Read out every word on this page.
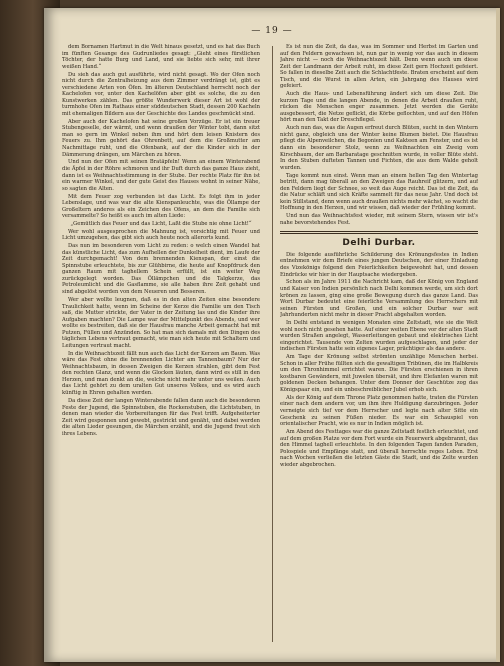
— 19 —

dem Bornamen Hartmut in die Welt hinaus gesetzt, und es hat das Buch im fünften Gesange des Gudrunliedes gesagt: „Gieht eines fürstlichen Töchter, der hatte Burg und Land, und sie liebte sich sehr, mit ihrer weißen Hand.“

Du sieh das auch gut ausführte, wird nicht gesagt. Wo der Ofen noch nicht durch die Zentralheizung aus dem Zimmer verdrängt ist, gibt es verschiedene Arten von Öfen. Im älteren Deutschland herrscht noch der Kachelofen vor, unter den Kachelöfen aber gibt es solche, die zu den Kunstwerken zählen. Das größte Wunderwerk dieser Art ist wohl der turmhohe Ofen im Rathaus einer süddeutschen Stadt, dessen 200 Kacheln mit ehemaligen Bildern aus der Geschichte des Landes geschmückt sind.

Aber auch der Kachelofen hat seine großen Vorzüge. Er ist ein treuer Stubengeselle, der wärmt, und wenn draußen der Winter tobt, dann sitzt man so gern im Winkel neben ihm und hört dem leisen Knistern des Feuers zu. Ihm gehört das Ohrenbett, auf dem die Großmutter am Nachmittage ruht, und die Ofenbank, auf der die Kinder sich in der Dämmerung drängen, um Märchen zu hören.

Und nun der Ofen mit seinen Bratäpfeln! Wenn an einem Winterabend die Äpfel in der Röhre schmoren und ihr Duft durch das ganze Haus zieht, dann ist es Weihnachtsstimmung in der Stube. Der rechte Platz für ihn ist ein warmer Winkel, und der gute Geist des Hauses wohnt in seiner Nähe, so sagten die Alten.

Mit dem Feuer zog verbunden ist das Licht. Es folgt ihm in jeder Lebenslage, und was war die alte Kienspanleuchte, was die Öllampe der Großeltern anderes als ein Zeichen des Ofens, an dem die Familie sich versammelte? So heißt es auch im alten Liede:

„Gemütlich das Feuer und das Licht, Laßt die Stube nie ohne Licht!“

Wer wohl ausgesprochen die Mahnung ist, vorsichtig mit Feuer und Licht umzugehen, das gibt sich auch heute noch allerorts kund.

Das nun im besonderen vom Licht zu reden: o welch einen Wandel hat das künstliche Licht, das zum Aufhellen der Dunkelheit dient, im Laufe der Zeit durchgemacht! Von dem brennenden Kienspan, der einst die Spinnstube erleuchtete, bis zur Glühbirne, die heute auf Knopfdruck den ganzen Raum mit taghellem Schein erfüllt, ist ein weiter Weg zurückgelegt worden. Das Öllämpchen und die Talgkerze, das Petroleumlicht und die Gasflamme, sie alle haben ihre Zeit gehabt und sind abgelöst worden von dem Neueren und Besseren.

Wer aber wollte leugnen, daß es in den alten Zeiten eine besondere Traulichkeit hatte, wenn im Scheine der Kerze die Familie um den Tisch saß, die Mutter strickte, der Vater in der Zeitung las und die Kinder ihre Aufgaben machten? Die Lampe war der Mittelpunkt des Abends, und wer wollte es bestreiten, daß sie der Hausfrau manche Arbeit gemacht hat mit Putzen, Füllen und Anzünden. So hat man sich damals mit den Dingen des täglichen Lebens vertraut gemacht, wie man sich heute mit Schaltern und Leitungen vertraut macht.

In die Weihnachtszeit fällt nun auch das Licht der Kerzen am Baum. Was wäre das Fest ohne die brennenden Lichter am Tannenbaum? Nur der Weihnachtsbaum, in dessen Zweigen die Kerzen strahlen, gibt dem Fest den rechten Glanz, und wenn die Glocken läuten, dann wird es still in den Herzen, und man denkt an die, welche nicht mehr unter uns weilen. Auch das Licht gehört zu dem uralten Gut unseres Volkes, und es wird auch künftig in Ehren gehalten werden.

Da diese Zeit der langen Winterabende fallen dann auch die besonderen Feste der Jugend, die Spinnstuben, die Rockenstuben, die Lichtstuben, in denen man wieder die Vorbereitungen für das Fest trifft. Aufgeheiterter Zeit wird gesponnen und gewebt, gestrickt und genäht, und dabei werden die alten Lieder gesungen, die Märchen erzählt, und die Jugend freut sich ihres Lebens.

Es ist nun die Zeit, da das, was im Sommer und Herbst im Garten und auf den Feldern gewachsen ist, nun gar in wenig vor das auch in diesem Jahre nicht — noch die Weihnachtszeit hält. Denn wenn auch um diese Zeit der Landmann der Arbeit ruht, im diese Zeit gern Hochzeit gefeiert. So fallen in dieselbe Zeit auch die Schlachtfeste. Braten erscheint auf dem Tisch, und die Wurst in allen Arten, ein Jahrgang des Hauses wird gefeiert.

Auch die Haus- und Lebensführung ändert sich um diese Zeit. Die kurzen Tage und die langen Abende, in denen die Arbeit draußen ruht, rücken die Menschen enger zusammen. Jetzt werden die Geräte ausgebessert, die Netze geflickt, die Körbe geflochten, und auf den Höfen hört man den Takt der Dreschflegel.

Auch nun das, was die Augen erfreut durch Blüten, sucht in den Wintern nicht ganz, obgleich uns der Winter keine Blumen bietet. Die Hausfrau pflegt die Alpenveilchen, die Begonien und Kakteen am Fenster, und es ist dann ein besonderer Stolz, wenn zu Weihnachten ein Zweig vom Kirschbaum, der am Barbaratage geschnitten wurde, in voller Blüte steht. In den Stuben dufteten Tannen und Fichten, die aus dem Walde geholt wurden.

Tage kommt nun einst. Wenn man an einem hellen Tag den Wintertag betritt, dann mag überall an den Zweigen das Rauhreif glitzern, und auf den Feldern liegt der Schnee, so weit das Auge reicht. Das ist die Zeit, da die Natur schläft und sich Kräfte sammelt für das neue Jahr. Und doch ist kein Stillstand, denn wenn auch draußen nichts mehr wächst, so wacht die Hoffnung in den Herzen, und wir wissen, daß wieder der Frühling kommt.

Und nun das Weihnachtsfest wieder, mit seinem Stern, wissen wir ist's nahe bevorstehendes Fest.

Delhi Durbar.

Die folgende ausführliche Schilderung des Krönungsfestes in Indien entnehmen wir dem Briefe eines jungen Deutschen, der einer Einladung des Vizekönigs folgend den Feierlichkeiten beigewohnt hat, und dessen Eindrücke wir hier in der Hauptsache wiedergeben.

Schon als im Jahre 1911 die Nachricht kam, daß der König von England und Kaiser von Indien persönlich nach Delhi kommen werde, um sich dort krönen zu lassen, ging eine große Bewegung durch das ganze Land. Das Wort Durbar bedeutet eine feierliche Versammlung des Herrschers mit seinen Fürsten und Großen, und ein solcher Durbar war seit Jahrhunderten nicht mehr in dieser Pracht abgehalten worden.

In Delhi entstand in wenigen Monaten eine Zeltstadt, wie sie die Welt wohl noch nicht gesehen hatte. Auf einer weiten Ebene vor der alten Stadt wurden Straßen angelegt, Wasserleitungen gebaut und elektrisches Licht eingerichtet. Tausende von Zelten wurden aufgeschlagen, und jeder der indischen Fürsten hatte sein eigenes Lager, prächtiger als das andere.

Am Tage der Krönung selbst strömten unzählige Menschen herbei. Schon in aller Frühe füllten sich die gewaltigen Tribünen, die im Halbkreis um den Thronhimmel errichtet waren. Die Fürsten erschienen in ihren kostbaren Gewändern, mit Juwelen übersät, und ihre Elefanten waren mit goldenen Decken behangen. Unter dem Donner der Geschütze zog das Königspaar ein, und ein unbeschreiblicher Jubel erhob sich.

Als der König auf dem Throne Platz genommen hatte, traten die Fürsten einer nach dem andern vor, um ihm ihre Huldigung darzubringen. Jeder verneigte sich tief vor dem Herrscher und legte nach alter Sitte ein Geschenk zu seinen Füßen nieder. Es war ein Schauspiel von orientalischer Pracht, wie es nur in Indien möglich ist.

Am Abend des Festtages war die ganze Zeltstadt festlich erleuchtet, und auf dem großen Platze vor dem Fort wurde ein Feuerwerk abgebrannt, das den Himmel taghell erleuchtete. In den folgenden Tagen fanden Paraden, Polospiele und Empfänge statt, und überall herrschte reges Leben. Erst nach Wochen verließen die letzten Gäste die Stadt, und die Zelte wurden wieder abgebrochen.
